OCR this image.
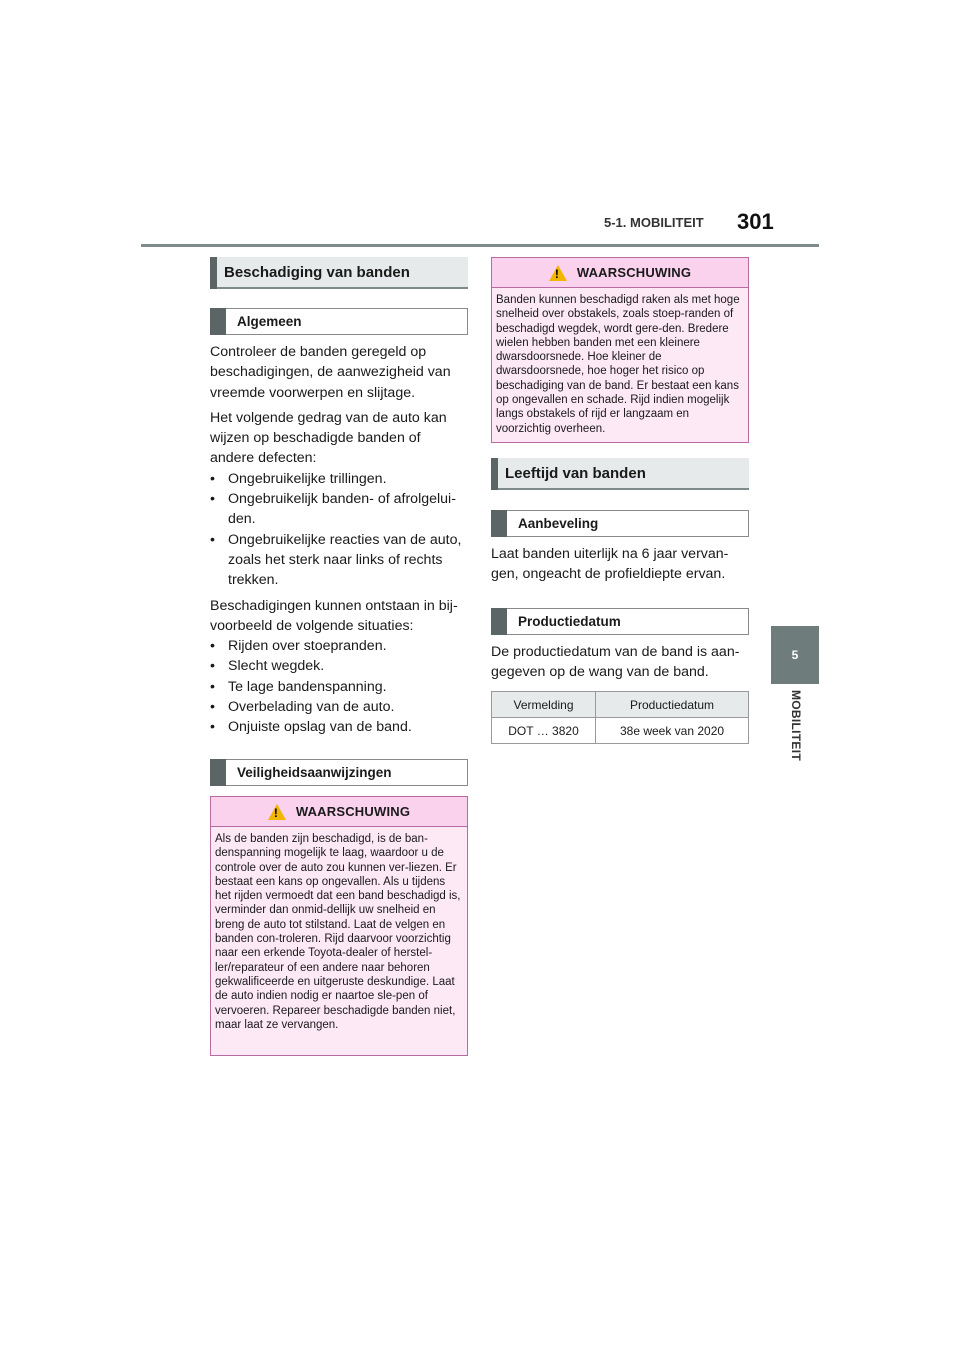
5-1. MOBILITEIT 301
5
MOBILITEIT
Beschadiging van banden
Algemeen

Controleer de banden geregeld op beschadigingen, de aanwezigheid van vreemde voorwerpen en slijtage.

Het volgende gedrag van de auto kan wijzen op beschadigde banden of andere defecten:

• Ongebruikelijke trillingen.
• Ongebruikelijk banden- of afrolgelui-den.
• Ongebruikelijke reacties van de auto, zoals het sterk naar links of rechts trekken.

Beschadigingen kunnen ontstaan in bij-voorbeeld de volgende situaties:

• Rijden over stoepranden.
• Slecht wegdek.
• Te lage bandenspanning.
• Overbelading van de auto.
• Onjuiste opslag van de band.
Veiligheidsaanwijzingen
!
WAARSCHUWING
Als de banden zijn beschadigd, is de ban-denspanning mogelijk te laag, waardoor u de controle over de auto zou kunnen ver-liezen. Er bestaat een kans op ongevallen. Als u tijdens het rijden vermoedt dat een band beschadigd is, verminder dan onmid-dellijk uw snelheid en breng de auto tot stilstand. Laat de velgen en banden con-troleren. Rijd daarvoor voorzichtig naar een erkende Toyota-dealer of herstel-ler/reparateur of een andere naar behoren gekwalificeerde en uitgeruste deskundige. Laat de auto indien nodig er naartoe sle-pen of vervoeren. Repareer beschadigde banden niet, maar laat ze vervangen.
!
WAARSCHUWING
Banden kunnen beschadigd raken als met hoge snelheid over obstakels, zoals stoep-randen of beschadigd wegdek, wordt gere-den. Bredere wielen hebben banden met een kleinere dwarsdoorsnede. Hoe kleiner de dwarsdoorsnede, hoe hoger het risico op beschadiging van de band. Er bestaat een kans op ongevallen en schade. Rijd indien mogelijk langs obstakels of rijd er langzaam en voorzichtig overheen.
Leeftijd van banden
Aanbeveling

Laat banden uiterlijk na 6 jaar vervan-gen, ongeacht de profieldiepte ervan.

Productiedatum

De productiedatum van de band is aan-gegeven op de wang van de band.

Vermelding	Productiedatum
DOT … 3820	38e week van 2020
